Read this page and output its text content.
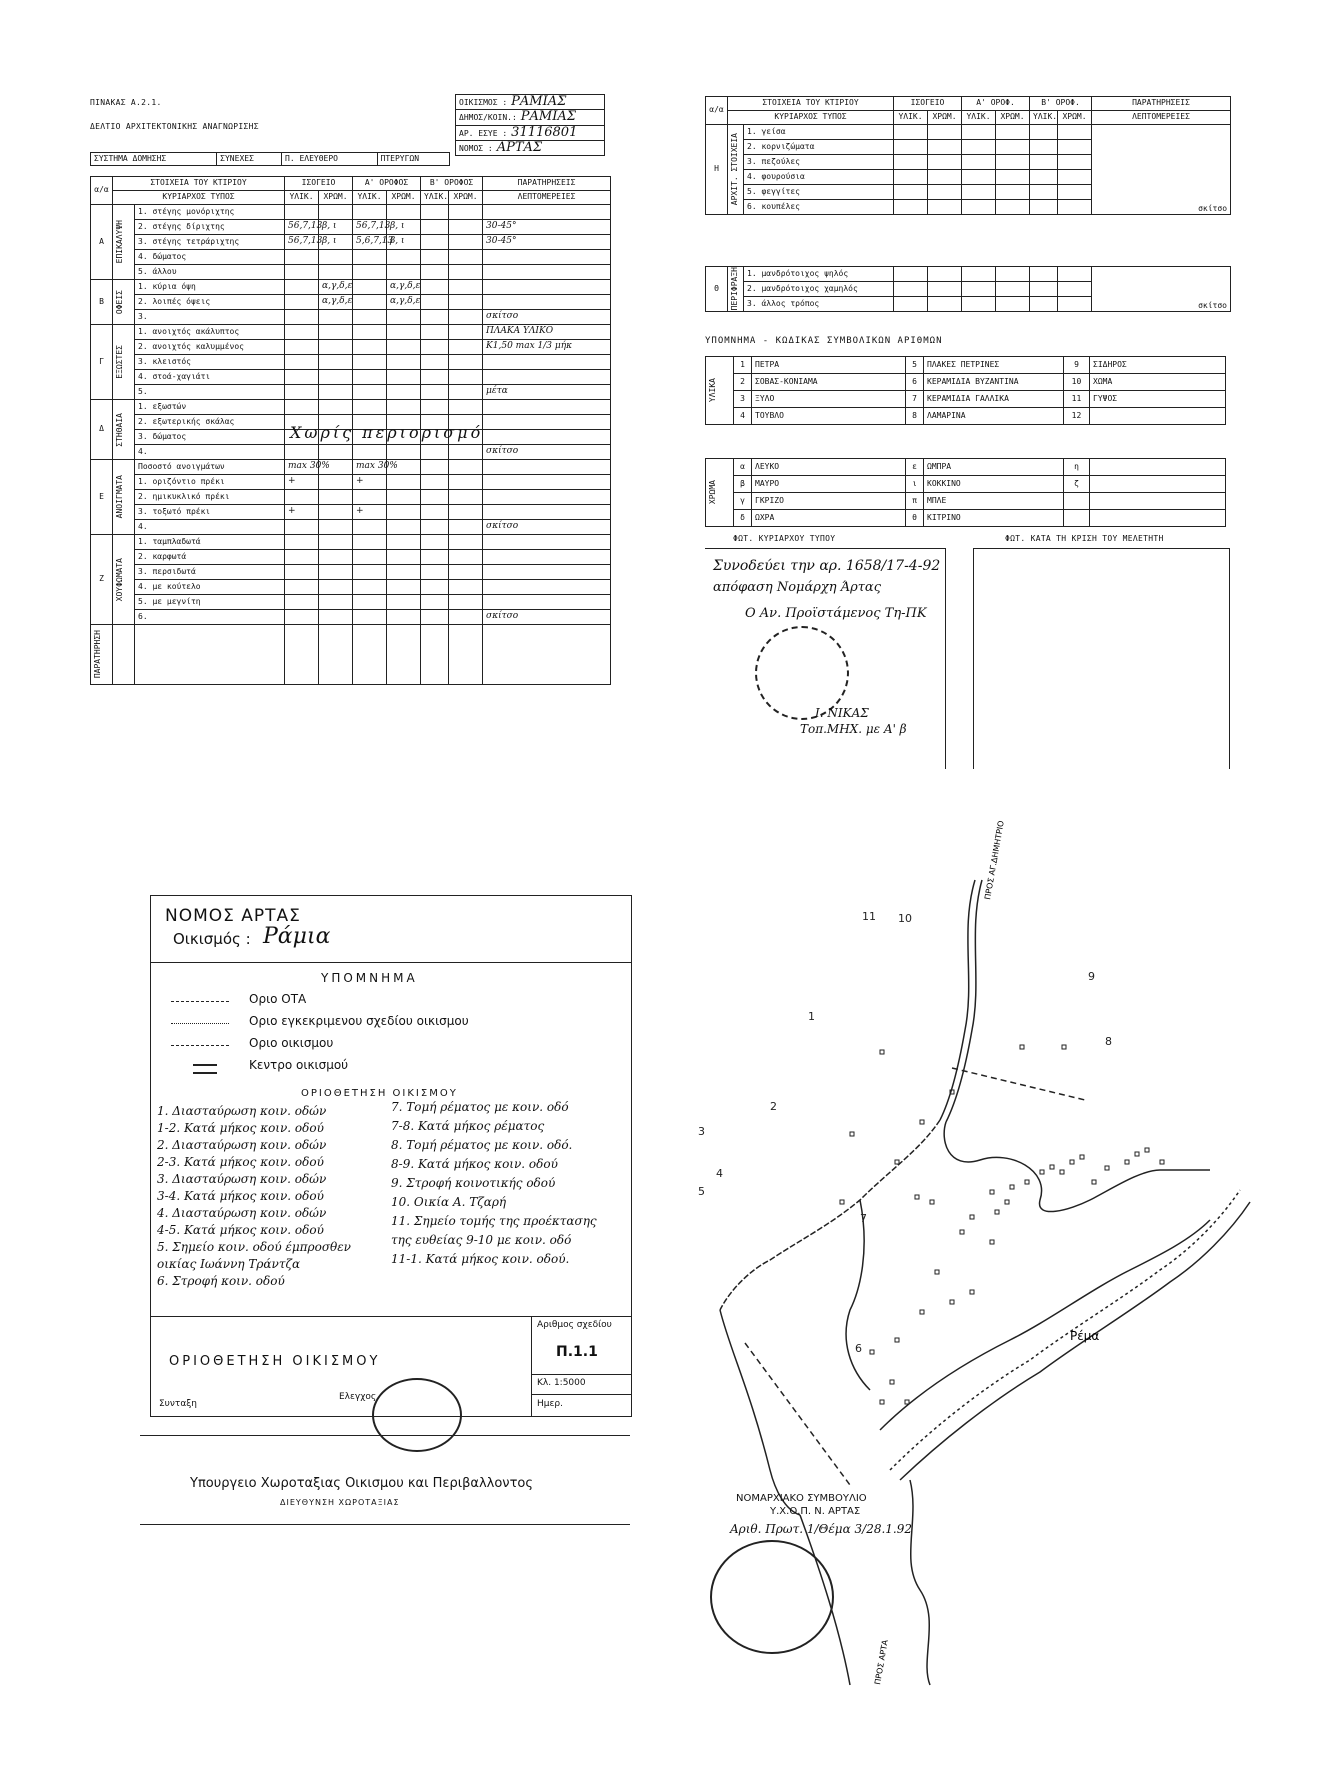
ΠΙΝΑΚΑΣ Α.2.1.
ΔΕΛΤΙΟ ΑΡΧΙΤΕΚΤΟΝΙΚΗΣ ΑΝΑΓΝΩΡΙΣΗΣ
ΟΙΚΙΣΜΟΣ : ΡΑΜΙΑΣ
ΔΗΜΟΣ/ΚΟΙΝ.: ΡΑΜΙΑΣ
ΑΡ. ΕΣΥΕ : 31116801
ΝΟΜΟΣ : ΑΡΤΑΣ
ΣΥΣΤΗΜΑ ΔΟΜΗΣΗΣ	ΣΥΝΕΧΕΣ	Π. ΕΛΕΥΘΕΡΟ	ΠΤΕΡΥΓΩΝ
α/α	ΣΤΟΙΧΕΙΑ ΤΟΥ ΚΤΙΡΙΟΥ		ΙΣΟΓΕΙΟ		Α' ΟΡΟΦΟΣ		Β' ΟΡΟΦΟΣ		ΠΑΡΑΤΗΡΗΣΕΙΣ
	ΚΥΡΙΑΡΧΟΣ ΤΥΠΟΣ		ΥΛΙΚ.	ΧΡΩΜ.	ΥΛΙΚ.	ΧΡΩΜ.	ΥΛΙΚ.	ΧΡΩΜ.	ΛΕΠΤΟΜΕΡΕΙΕΣ
Α	ΕΠΙΚΑΛΥΨΗ	1. στέγης μονόριχτης							
		2. στέγης δίριχτης	56,7,13	β, ι	56,7,13	β, ι			30-45°
		3. στέγης τετράριχτης	56,7,13	β, ι	5,6,7,13	β, ι			30-45°
		4. δώματος							
		5. άλλου							
Β	ΟΦΕΙΣ	1. κύρια όψη		α,γ,δ,ε		α,γ,δ,ε			
		2. λοιπές όψεις		α,γ,δ,ε		α,γ,δ,ε			
		3.							σκίτσο
Γ	ΕΞΩΣΤΕΣ	1. ανοιχτός ακάλυπτος							ΠΛΑΚΑ ΥΛΙΚΟ
		2. ανοιχτός καλυμμένος							Κ1,50 max 1/3 μήκ
		3. κλειστός							
		4. στοά-χαγιάτι							
		5.							μέτα
Δ	ΣΤΗΘΑΙΑ	1. εξωστών							
		2. εξωτερικής σκάλας							
		3. δώματος							
		4.							σκίτσο
Ε	ΑΝΟΙΓΜΑΤΑ	Ποσοστό ανοιγμάτων	max 30%		max 30%				
		1. οριζόντιο πρέκι	+		+				
		2. ημικυκλικό πρέκι							
		3. τοξωτό πρέκι	+		+				
		4.							σκίτσο
Ζ	ΧΟΥΦΩΜΑΤΑ	1. ταμπλαδωτά							
		2. καρφωτά							
		3. περσιδωτά							
		4. με κούτελο							
		5. με μεγνίτη							
		6.							σκίτσο

ΠΑΡΑΤΗΡΗΣΗ									

Χωρίς περιορισμό
α/α	ΣΤΟΙΧΕΙΑ ΤΟΥ ΚΤΙΡΙΟΥ		ΙΣΟΓΕΙΟ		Α' ΟΡΟΦ.		Β' ΟΡΟΦ.		ΠΑΡΑΤΗΡΗΣΕΙΣ
	ΚΥΡΙΑΡΧΟΣ ΤΥΠΟΣ		ΥΛΙΚ.	ΧΡΩΜ.	ΥΛΙΚ.	ΧΡΩΜ.	ΥΛΙΚ.	ΧΡΩΜ.	ΛΕΠΤΟΜΕΡΕΙΕΣ
Η	ΑΡΧΙΤ. ΣΤΟΙΧΕΙΑ	1. γείσα							σκίτσο
		2. κορνιζώματα							
		3. πεζούλες							
		4. φουρούσια							
		5. φεγγίτες							
		6. κουπέλες							
Θ	ΠΕΡΙΦΡΑΞΗ	1. μανδρότοιχος ψηλός							σκίτσο
		2. μανδρότοιχος χαμηλός							
		3. άλλος τρόπος							
ΥΠΟΜΝΗΜΑ - ΚΩΔΙΚΑΣ ΣΥΜΒΟΛΙΚΩΝ ΑΡΙΘΜΩΝ
ΥΛΙΚΑ	1	ΠΕΤΡΑ	5	ΠΛΑΚΕΣ ΠΕΤΡΙΝΕΣ	9	ΣΙΔΗΡΟΣ
	2	ΣΟΒΑΣ-ΚΟΝΙΑΜΑ	6	ΚΕΡΑΜΙΔΙΑ ΒΥΖΑΝΤΙΝΑ	10	ΧΩΜΑ
	3	ΞΥΛΟ	7	ΚΕΡΑΜΙΔΙΑ ΓΑΛΛΙΚΑ	11	ΓΥΨΟΣ
	4	ΤΟΥΒΛΟ	8	ΛΑΜΑΡΙΝΑ	12	
ΧΡΩΜΑ	α	ΛΕΥΚΟ	ε	ΩΜΠΡΑ	η	
	β	ΜΑΥΡΟ	ι	ΚΟΚΚΙΝΟ	ζ	
	γ	ΓΚΡΙΖΟ	π	ΜΠΛΕ		
	δ	ΩΧΡΑ	θ	ΚΙΤΡΙΝΟ		
ΦΩΤ. ΚΥΡΙΑΡΧΟΥ ΤΥΠΟΥ	ΦΩΤ. ΚΑΤΑ ΤΗ ΚΡΙΣΗ ΤΟΥ ΜΕΛΕΤΗΤΗ
Συνοδεύει την αρ. 1658/17-4-92
απόφαση Νομάρχη Άρτας
Ο Αν. Προϊστάμενος Τη-ΠΚ
Ι. ΝΙΚΑΣ
Τοπ.ΜΗΧ. με Α' β
ΝΟΜΟΣ ΑΡΤΑΣ
Οικισμός : Ράμια
ΥΠΟΜΝΗΜΑ
Οριο ΟΤΑ
Οριο εγκεκριμενου σχεδίου οικισμου
Οριο οικισμου
Κεντρο οικισμού
ΟΡΙΟΘΕΤΗΣΗ ΟΙΚΙΣΜΟΥ
1. Διασταύρωση κοιν. οδών
1-2. Κατά μήκος κοιν. οδού
2. Διασταύρωση κοιν. οδών
2-3. Κατά μήκος κοιν. οδού
3. Διασταύρωση κοιν. οδών
3-4. Κατά μήκος κοιν. οδού
4. Διασταύρωση κοιν. οδών
4-5. Κατά μήκος κοιν. οδού
5. Σημείο κοιν. οδού έμπροσθεν
οικίας Ιωάννη Τράντζα
6. Στροφή κοιν. οδού
7. Τομή ρέματος με κοιν. οδό
7-8. Κατά μήκος ρέματος
8. Τομή ρέματος με κοιν. οδό.
8-9. Κατά μήκος κοιν. οδού
9. Στροφή κοινοτικής οδού
10. Οικία Α. Τζαρή
11. Σημείο τομής της προέκτασης
της ευθείας 9-10 με κοιν. οδό
11-1. Κατά μήκος κοιν. οδού.
ΟΡΙΟΘΕΤΗΣΗ ΟΙΚΙΣΜΟΥ
Αριθμος σχεδίου
Π.1.1
Κλ. 1:5000
Ημερ.
Συνταξη
Ελεγχος
Υπουργειο Χωροταξιας Οικισμου και Περιβαλλοντος
ΔΙΕΥΘΥΝΣΗ ΧΩΡΟΤΑΞΙΑΣ
1
2
3
4
5
6
7
8
9
10
11
ΠΡΟΣ ΑΓ.ΔΗΜΗΤΡΙΟ
ΠΡΟΣ ΑΡΤΑ
Ρέμα
ΝΟΜΑΡΧΙΑΚΟ ΣΥΜΒΟΥΛΙΟ
Υ.Χ.Ο.Π. Ν. ΑΡΤΑΣ
Αριθ. Πρωτ. 1/Θέμα 3/28.1.92
